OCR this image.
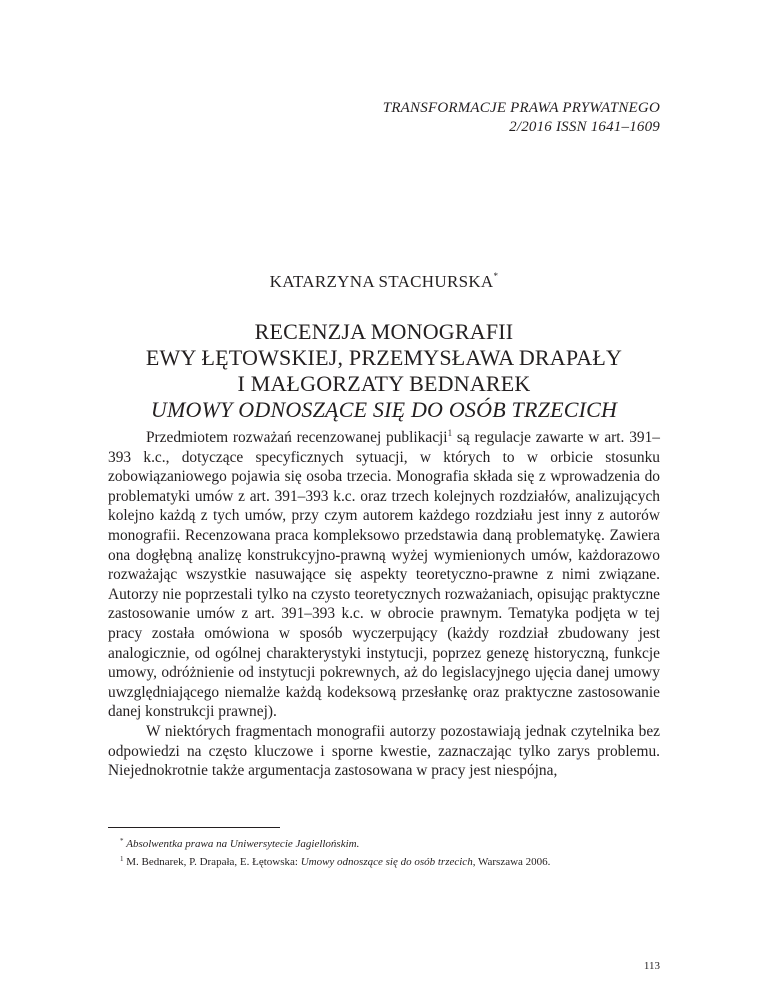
TRANSFORMACJE PRAWA PRYWATNEGO
2/2016 ISSN 1641–1609
KATARZYNA STACHURSKA*
RECENZJA MONOGRAFII
EWY ŁĘTOWSKIEJ, PRZEMYSŁAWA DRAPAŁY
I MAŁGORZATY BEDNAREK
UMOWY ODNOSZĄCE SIĘ DO OSÓB TRZECICH

Przedmiotem rozważań recenzowanej publikacji$^1$ są regulacje zawarte w art. 391–393 k.c., dotyczące specyficznych sytuacji, w których to w orbicie stosunku zobowiązaniowego pojawia się osoba trzecia. Monografia składa się z wprowadzenia do problematyki umów z art. 391–393 k.c. oraz trzech kolejnych rozdziałów, analizujących kolejno każdą z tych umów, przy czym autorem każdego rozdziału jest inny z autorów monografii. Recenzowana praca kompleksowo przedstawia daną problematykę. Zawiera ona dogłębną analizę konstrukcyjno-prawną wyżej wymienionych umów, każdorazowo rozważając wszystkie nasuwające się aspekty teoretyczno-prawne z nimi związane. Autorzy nie poprzestali tylko na czysto teoretycznych rozważaniach, opisując praktyczne zastosowanie umów z art. 391–393 k.c. w obrocie prawnym. Tematyka podjęta w tej pracy została omówiona w sposób wyczerpujący (każdy rozdział zbudowany jest analogicznie, od ogólnej charakterystyki instytucji, poprzez genezę historyczną, funkcje umowy, odróżnienie od instytucji pokrewnych, aż do legislacyjnego ujęcia danej umowy uwzględniającego niemalże każdą kodeksową przesłankę oraz praktyczne zastosowanie danej konstrukcji prawnej).

W niektórych fragmentach monografii autorzy pozostawiają jednak czytelnika bez odpowiedzi na często kluczowe i sporne kwestie, zaznaczając tylko zarys problemu. Niejednokrotnie także argumentacja zastosowana w pracy jest niespójna,

* Absolwentka prawa na Uniwersytecie Jagiellońskim.
$^1$ M. Bednarek, P. Drapała, E. Łętowska: Umowy odnoszące się do osób trzecich, Warszawa 2006.
113
